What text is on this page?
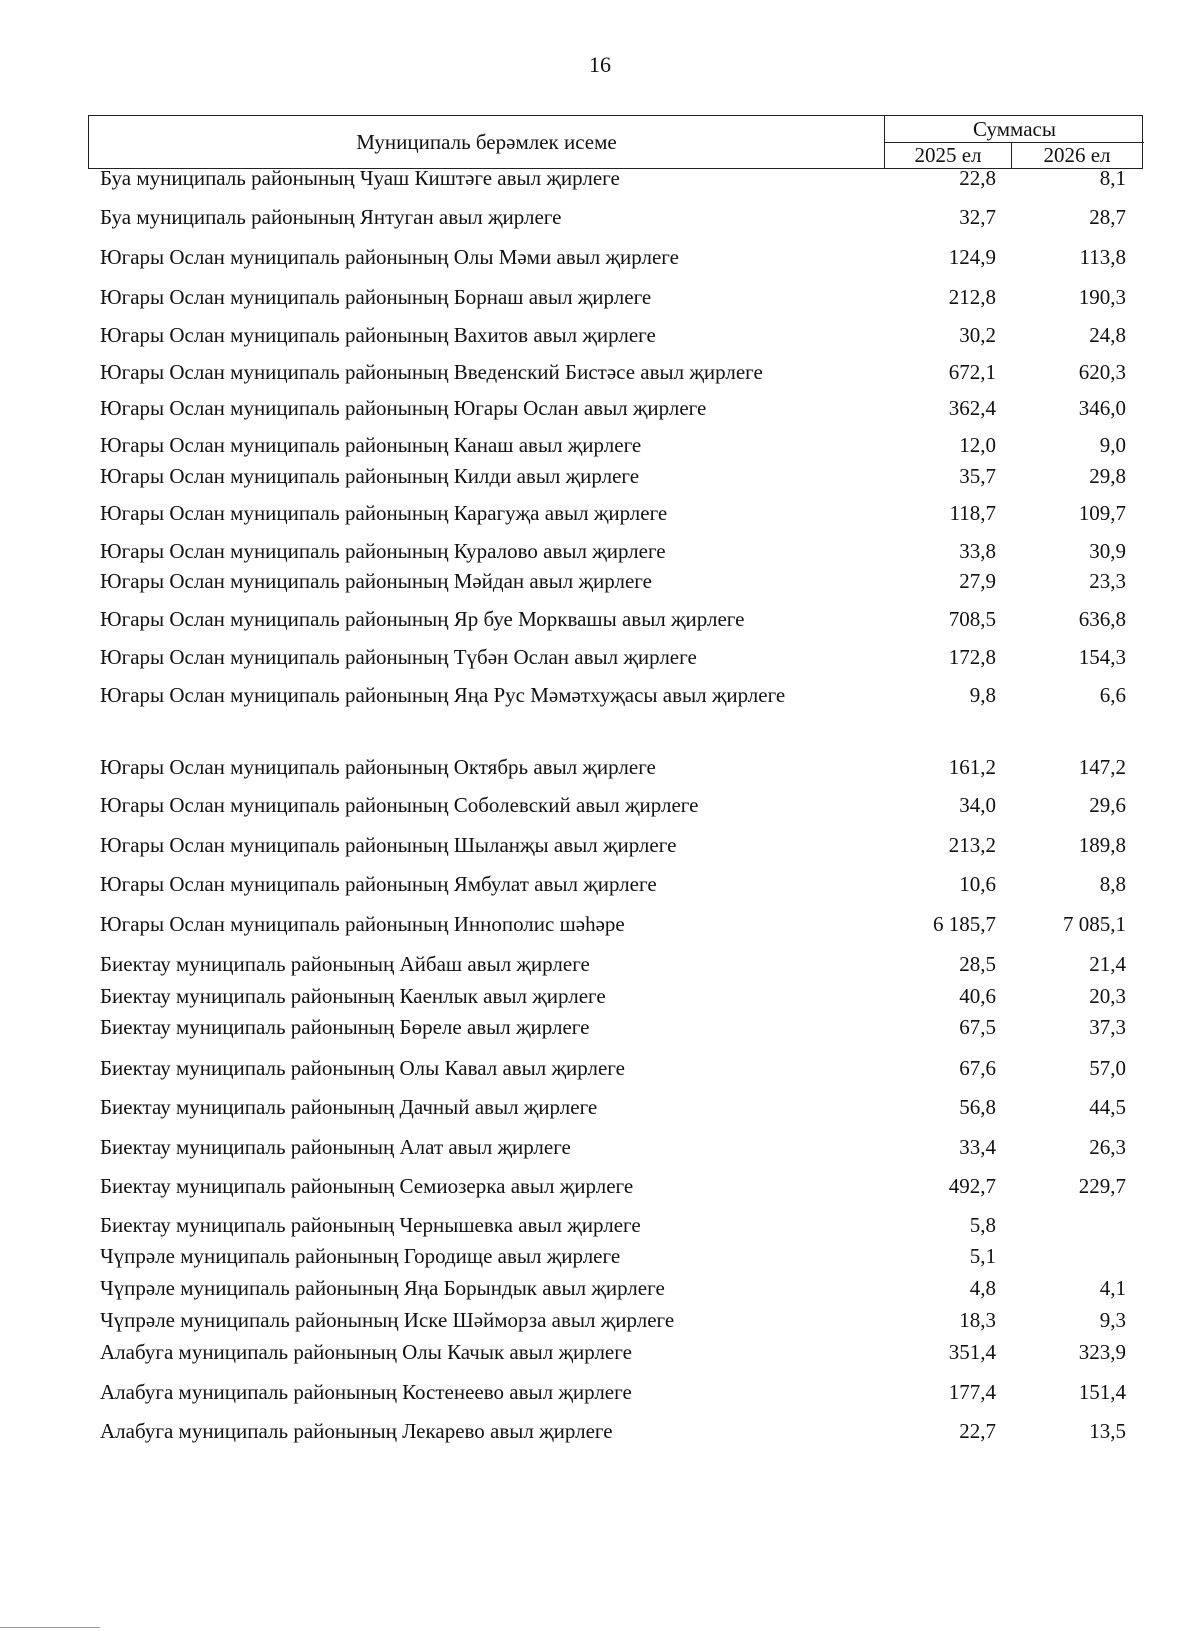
16
Муниципаль берәмлек исеме
Суммасы
2025 ел	2026 ел
Буа муниципаль районының Чуаш Киштәге авыл җирлеге	22,8	8,1
Буа муниципаль районының Янтуган авыл җирлеге	32,7	28,7
Югары Ослан муниципаль районының Олы Мәми авыл җирлеге	124,9	113,8
Югары Ослан муниципаль районының Борнаш авыл җирлеге	212,8	190,3
Югары Ослан муниципаль районының Вахитов авыл җирлеге	30,2	24,8
Югары Ослан муниципаль районының Введенский Бистәсе авыл җирлеге	672,1	620,3
Югары Ослан муниципаль районының Югары Ослан авыл җирлеге	362,4	346,0
Югары Ослан муниципаль районының Канаш авыл җирлеге	12,0	9,0
Югары Ослан муниципаль районының Килди авыл җирлеге	35,7	29,8
Югары Ослан муниципаль районының Карагуҗа авыл җирлеге	118,7	109,7
Югары Ослан муниципаль районының Куралово авыл җирлеге	33,8	30,9
Югары Ослан муниципаль районының Мәйдан авыл җирлеге	27,9	23,3
Югары Ослан муниципаль районының Яр буе Морквашы авыл җирлеге	708,5	636,8
Югары Ослан муниципаль районының Түбән Ослан авыл җирлеге	172,8	154,3
Югары Ослан муниципаль районының Яңа Рус Мәмәтхуҗасы авыл җирлеге	9,8	6,6
Югары Ослан муниципаль районының Октябрь авыл җирлеге	161,2	147,2
Югары Ослан муниципаль районының Соболевский авыл җирлеге	34,0	29,6
Югары Ослан муниципаль районының Шыланҗы авыл җирлеге	213,2	189,8
Югары Ослан муниципаль районының Ямбулат авыл җирлеге	10,6	8,8
Югары Ослан муниципаль районының Иннополис шәһәре	6 185,7	7 085,1
Биектау муниципаль районының Айбаш авыл җирлеге	28,5	21,4
Биектау муниципаль районының Каенлык авыл җирлеге	40,6	20,3
Биектау муниципаль районының Бөреле авыл җирлеге	67,5	37,3
Биектау муниципаль районының Олы Кавал авыл җирлеге	67,6	57,0
Биектау муниципаль районының Дачный авыл җирлеге	56,8	44,5
Биектау муниципаль районының Алат авыл җирлеге	33,4	26,3
Биектау муниципаль районының Семиозерка авыл җирлеге	492,7	229,7
Биектау муниципаль районының Чернышевка авыл җирлеге	5,8
Чүпрәле муниципаль районының Городище авыл җирлеге	5,1
Чүпрәле муниципаль районының Яңа Борындык авыл җирлеге	4,8	4,1
Чүпрәле муниципаль районының Иске Шәйморза авыл җирлеге	18,3	9,3
Алабуга муниципаль районының Олы Качык авыл җирлеге	351,4	323,9
Алабуга муниципаль районының Костенеево авыл җирлеге	177,4	151,4
Алабуга муниципаль районының Лекарево авыл җирлеге	22,7	13,5
